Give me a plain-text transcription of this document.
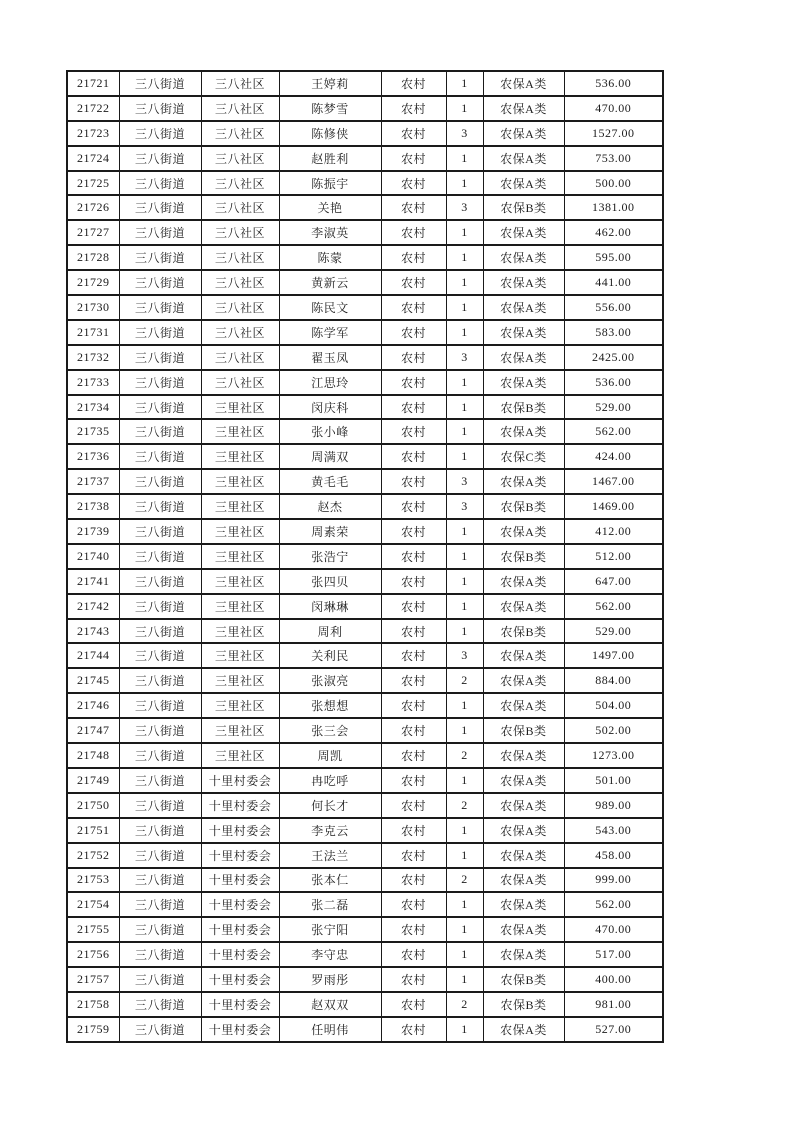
21721	三八街道	三八社区	王婷莉	农村	1	农保A类	536.00
21722	三八街道	三八社区	陈梦雪	农村	1	农保A类	470.00
21723	三八街道	三八社区	陈修侠	农村	3	农保A类	1527.00
21724	三八街道	三八社区	赵胜利	农村	1	农保A类	753.00
21725	三八街道	三八社区	陈振宇	农村	1	农保A类	500.00
21726	三八街道	三八社区	关艳	农村	3	农保B类	1381.00
21727	三八街道	三八社区	李淑英	农村	1	农保A类	462.00
21728	三八街道	三八社区	陈蒙	农村	1	农保A类	595.00
21729	三八街道	三八社区	黄新云	农村	1	农保A类	441.00
21730	三八街道	三八社区	陈民文	农村	1	农保A类	556.00
21731	三八街道	三八社区	陈学军	农村	1	农保A类	583.00
21732	三八街道	三八社区	翟玉凤	农村	3	农保A类	2425.00
21733	三八街道	三八社区	江思玲	农村	1	农保A类	536.00
21734	三八街道	三里社区	闵庆科	农村	1	农保B类	529.00
21735	三八街道	三里社区	张小峰	农村	1	农保A类	562.00
21736	三八街道	三里社区	周满双	农村	1	农保C类	424.00
21737	三八街道	三里社区	黄毛毛	农村	3	农保A类	1467.00
21738	三八街道	三里社区	赵杰	农村	3	农保B类	1469.00
21739	三八街道	三里社区	周素荣	农村	1	农保A类	412.00
21740	三八街道	三里社区	张浩宁	农村	1	农保B类	512.00
21741	三八街道	三里社区	张四贝	农村	1	农保A类	647.00
21742	三八街道	三里社区	闵琳琳	农村	1	农保A类	562.00
21743	三八街道	三里社区	周利	农村	1	农保B类	529.00
21744	三八街道	三里社区	关利民	农村	3	农保A类	1497.00
21745	三八街道	三里社区	张淑亮	农村	2	农保A类	884.00
21746	三八街道	三里社区	张想想	农村	1	农保A类	504.00
21747	三八街道	三里社区	张三会	农村	1	农保B类	502.00
21748	三八街道	三里社区	周凯	农村	2	农保A类	1273.00
21749	三八街道	十里村委会	冉吃呼	农村	1	农保A类	501.00
21750	三八街道	十里村委会	何长才	农村	2	农保A类	989.00
21751	三八街道	十里村委会	李克云	农村	1	农保A类	543.00
21752	三八街道	十里村委会	王法兰	农村	1	农保A类	458.00
21753	三八街道	十里村委会	张本仁	农村	2	农保A类	999.00
21754	三八街道	十里村委会	张二磊	农村	1	农保A类	562.00
21755	三八街道	十里村委会	张宁阳	农村	1	农保A类	470.00
21756	三八街道	十里村委会	李守忠	农村	1	农保A类	517.00
21757	三八街道	十里村委会	罗雨彤	农村	1	农保B类	400.00
21758	三八街道	十里村委会	赵双双	农村	2	农保B类	981.00
21759	三八街道	十里村委会	任明伟	农村	1	农保A类	527.00
